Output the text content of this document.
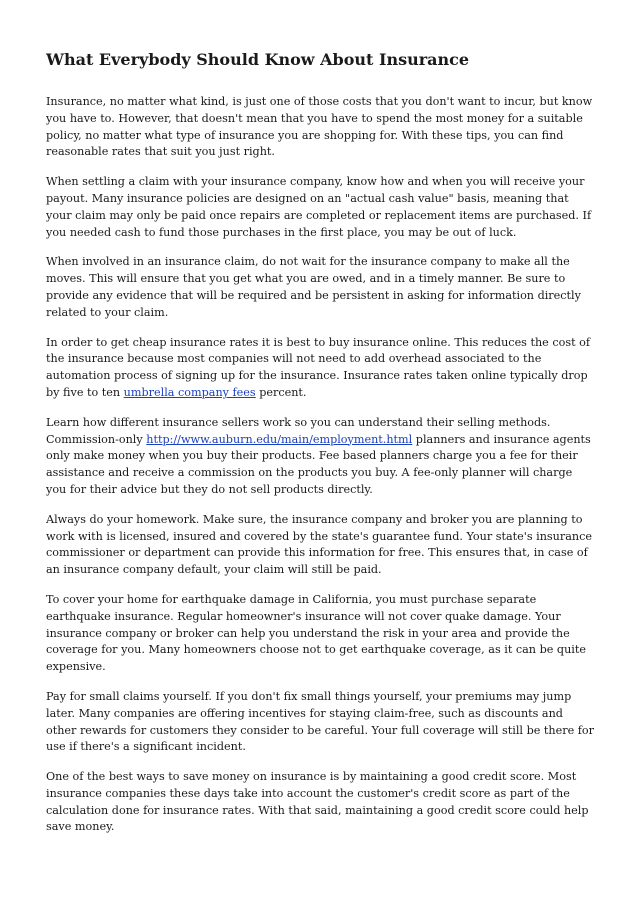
What Everybody Should Know About Insurance

Insurance, no matter what kind, is just one of those costs that you don't want to incur, but know you have to. However, that doesn't mean that you have to spend the most money for a suitable policy, no matter what type of insurance you are shopping for. With these tips, you can find reasonable rates that suit you just right.

When settling a claim with your insurance company, know how and when you will receive your payout. Many insurance policies are designed on an "actual cash value" basis, meaning that your claim may only be paid once repairs are completed or replacement items are purchased. If you needed cash to fund those purchases in the first place, you may be out of luck.

When involved in an insurance claim, do not wait for the insurance company to make all the moves. This will ensure that you get what you are owed, and in a timely manner. Be sure to provide any evidence that will be required and be persistent in asking for information directly related to your claim.

In order to get cheap insurance rates it is best to buy insurance online. This reduces the cost of the insurance because most companies will not need to add overhead associated to the automation process of signing up for the insurance. Insurance rates taken online typically drop by five to ten umbrella company fees percent.

Learn how different insurance sellers work so you can understand their selling methods. Commission-only http://www.auburn.edu/main/employment.html planners and insurance agents only make money when you buy their products. Fee based planners charge you a fee for their assistance and receive a commission on the products you buy. A fee-only planner will charge you for their advice but they do not sell products directly.

Always do your homework. Make sure, the insurance company and broker you are planning to work with is licensed, insured and covered by the state's guarantee fund. Your state's insurance commissioner or department can provide this information for free. This ensures that, in case of an insurance company default, your claim will still be paid.

To cover your home for earthquake damage in California, you must purchase separate earthquake insurance. Regular homeowner's insurance will not cover quake damage. Your insurance company or broker can help you understand the risk in your area and provide the coverage for you. Many homeowners choose not to get earthquake coverage, as it can be quite expensive.

Pay for small claims yourself. If you don't fix small things yourself, your premiums may jump later. Many companies are offering incentives for staying claim-free, such as discounts and other rewards for customers they consider to be careful. Your full coverage will still be there for use if there's a significant incident.

One of the best ways to save money on insurance is by maintaining a good credit score. Most insurance companies these days take into account the customer's credit score as part of the calculation done for insurance rates. With that said, maintaining a good credit score could help save money.
